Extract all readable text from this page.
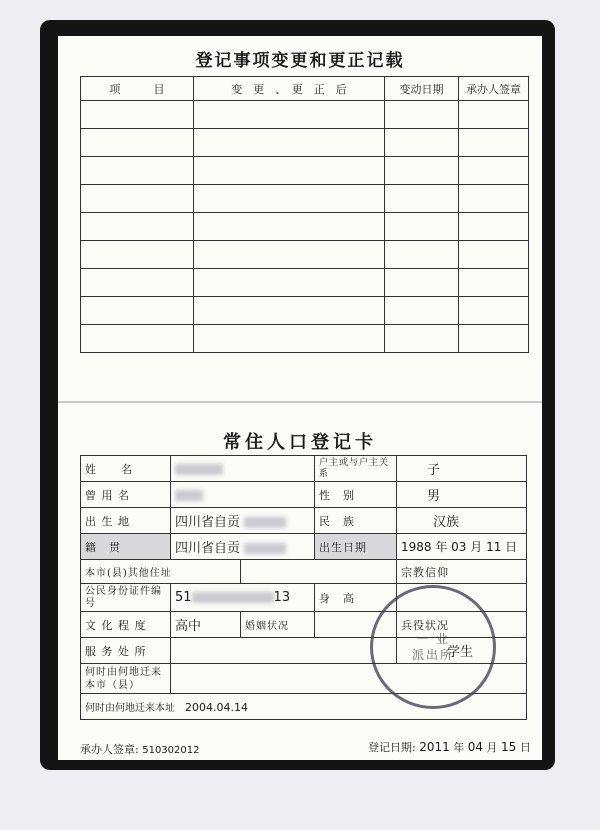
登记事项变更和更正记载
项　　　目	变　更　、　更　正　后	变动日期	承办人签章

常住人口登记卡
姓　　名			户主或与户主关系	子
曾 用 名			性　别	男
出 生 地	四川省自贡		民　族	汉族
籍　贯	四川省自贡		出生日期	1988 年 03 月 11 日
本市(县)其他住址				宗教信仰
公民身份证件编号	51 13		身　高	
文 化 程 度	高中	婚姻状况		兵役状况
服 务 处 所				学生
何时由何地迁来本市（县）				
何时由何地迁来本址　 2004.04.14				
承办人签章: 510302012	登记日期: 2011 年 04 月 15 日
一 业
派出所
